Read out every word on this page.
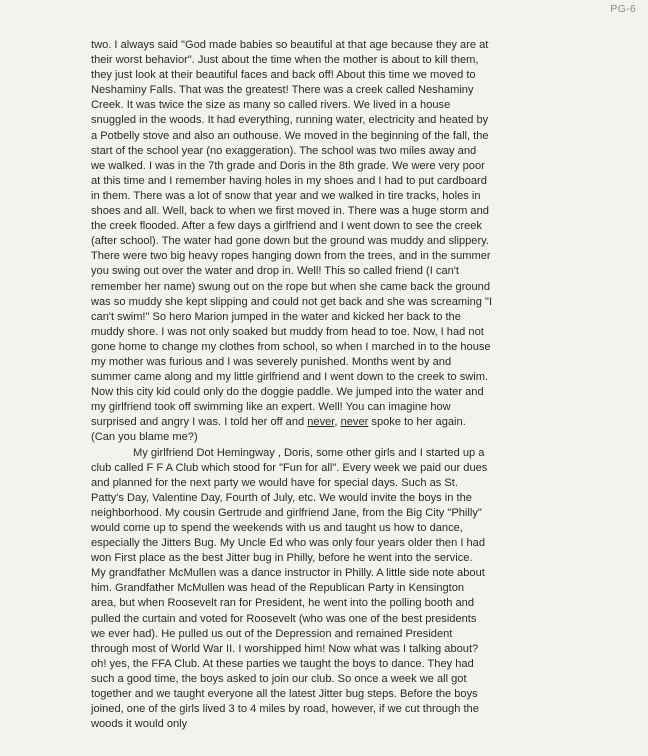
PG-6
two. I always said "God made babies so beautiful at that age because they are at
their worst behavior". Just about the time when the mother is about to kill them,
they just look at their beautiful faces and back off! About this time we moved to
Neshaminy Falls. That was the greatest! There was a creek called Neshaminy
Creek. It was twice the size as many so called rivers. We lived in a house
snuggled in the woods. It had everything, running water, electricity and heated by
a Potbelly stove and also an outhouse. We moved in the beginning of the fall, the
start of the school year (no exaggeration). The school was two miles away and
we walked. I was in the 7th grade and Doris in the 8th grade. We were very poor
at this time and I remember having holes in my shoes and I had to put cardboard
in them. There was a lot of snow that year and we walked in tire tracks, holes in
shoes and all. Well, back to when we first moved in. There was a huge storm and
the creek flooded. After a few days a girlfriend and I went down to see the creek
(after school). The water had gone down but the ground was muddy and slippery.
There were two big heavy ropes hanging down from the trees, and in the summer
you swing out over the water and drop in. Well! This so called friend (I can't
remember her name) swung out on the rope but when she came back the ground
was so muddy she kept slipping and could not get back and she was screaming "I
can't swim!" So hero Marion jumped in the water and kicked her back to the
muddy shore. I was not only soaked but muddy from head to toe. Now, I had not
gone home to change my clothes from school, so when I marched in to the house
my mother was furious and I was severely punished. Months went by and
summer came along and my little girlfriend and I went down to the creek to swim.
Now this city kid could only do the doggie paddle. We jumped into the water and
my girlfriend took off swimming like an expert. Well! You can imagine how
surprised and angry I was. I told her off and never, never spoke to her again.
(Can you blame me?)
My girlfriend Dot Hemingway , Doris, some other girls and I started up a
club called F F A Club which stood for "Fun for all". Every week we paid our dues
and planned for the next party we would have for special days. Such as St.
Patty's Day, Valentine Day, Fourth of July, etc. We would invite the boys in the
neighborhood. My cousin Gertrude and girlfriend Jane, from the Big City "Philly"
would come up to spend the weekends with us and taught us how to dance,
especially the Jitters Bug. My Uncle Ed who was only four years older then I had
won First place as the best Jitter bug in Philly, before he went into the service.
My grandfather McMullen was a dance instructor in Philly. A little side note about
him. Grandfather McMullen was head of the Republican Party in Kensington
area, but when Roosevelt ran for President, he went into the polling booth and
pulled the curtain and voted for Roosevelt (who was one of the best presidents
we ever had). He pulled us out of the Depression and remained President
through most of World War II. I worshipped him! Now what was I talking about?
oh! yes, the FFA Club. At these parties we taught the boys to dance. They had
such a good time, the boys asked to join our club. So once a week we all got
together and we taught everyone all the latest Jitter bug steps. Before the boys
joined, one of the girls lived 3 to 4 miles by road, however, if we cut through the
woods it would only
